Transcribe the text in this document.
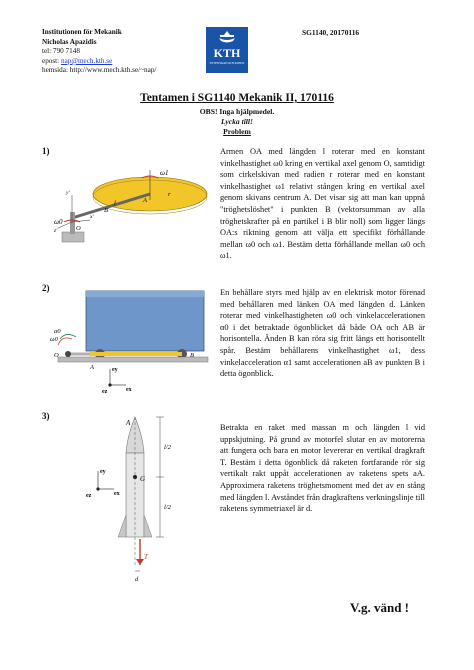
Institutionen för Mekanik
Nicholas Apazidis
tel: 790 7148
epost: nap@mech.kth.se
hemsida: http://www.mech.kth.se/~nap/
KTH
VETENSKAP OCH KONST
SG1140, 20170116
Tentamen i SG1140 Mekanik II, 170116
OBS! Inga hjälpmedel.
Lycka till!
Problem
1)
ω1
ω0
O
A
B
l
r
y'
x'
z'
Armen OA med längden l roterar med en konstant vinkelhastighet ω0 kring en vertikal axel genom O, samtidigt som cirkelskivan med radien r roterar med en konstant vinkelhastighet ω1 relativt stången kring en vertikal axel genom skivans centrum A. Det visar sig att man kan uppnå "tröghetslöshet" i punkten B (vektorsumman av alla tröghetskrafter på en partikel i B blir noll) som ligger längs OA:s riktning genom att välja ett specifikt förhållande mellan ω0 och ω1. Bestäm detta förhållande mellan ω0 och ω1.
2)
ω0
α0
O
A
B
ey
ex
ez
En behållare styrs med hjälp av en elektrisk motor förenad med behållaren med länken OA med längden d. Länken roterar med vinkelhastigheten ω0 och vinkelaccelerationen α0 i det betraktade ögonblicket då både OA och AB är horisontella. Änden B kan röra sig fritt längs ett horisontellt spår. Bestäm behållarens vinkelhastighet ω1, dess vinkelacceleration α1 samt accelerationen aB av punkten B i detta ögonblick.
3)
A
G
l/2
l/2
T
d
ey
ex
ez
Betrakta en raket med massan m och längden l vid uppskjutning. På grund av motorfel slutar en av motorerna att fungera och bara en motor levererar en vertikal dragkraft T. Bestäm i detta ögonblick då raketen fortfarande rör sig vertikalt rakt uppåt accelerationen av raketens spets aA. Approximera raketens tröghetsmoment med det av en stång med längden l. Avståndet från dragkraftens verkningslinje till raketens symmetriaxel är d.
V.g. vänd !
